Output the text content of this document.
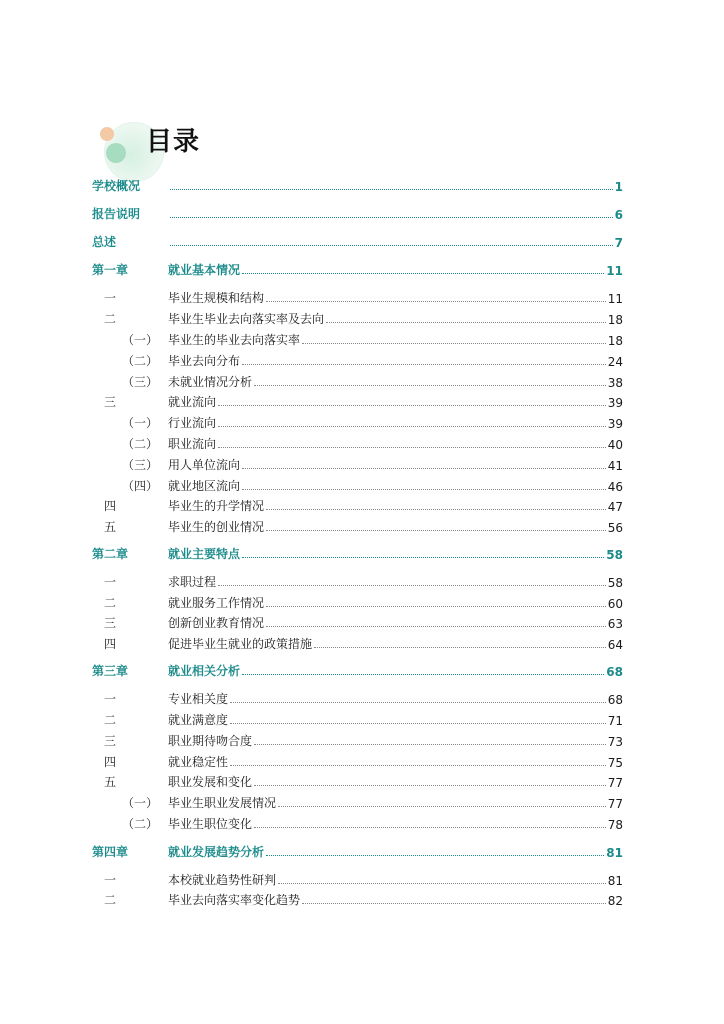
目录
学校概况	1
报告说明	6
总述	7
第一章	就业基本情况	11
一	毕业生规模和结构	11
二	毕业生毕业去向落实率及去向	18
（一） 毕业生的毕业去向落实率	18
（二） 毕业去向分布	24
（三） 未就业情况分析	38
三	就业流向	39
（一） 行业流向	39
（二） 职业流向	40
（三） 用人单位流向	41
（四） 就业地区流向	46
四	毕业生的升学情况	47
五	毕业生的创业情况	56
第二章	就业主要特点	58
一	求职过程	58
二	就业服务工作情况	60
三	创新创业教育情况	63
四	促进毕业生就业的政策措施	64
第三章	就业相关分析	68
一	专业相关度	68
二	就业满意度	71
三	职业期待吻合度	73
四	就业稳定性	75
五	职业发展和变化	77
（一） 毕业生职业发展情况	77
（二） 毕业生职位变化	78
第四章	就业发展趋势分析	81
一	本校就业趋势性研判	81
二	毕业去向落实率变化趋势	82
